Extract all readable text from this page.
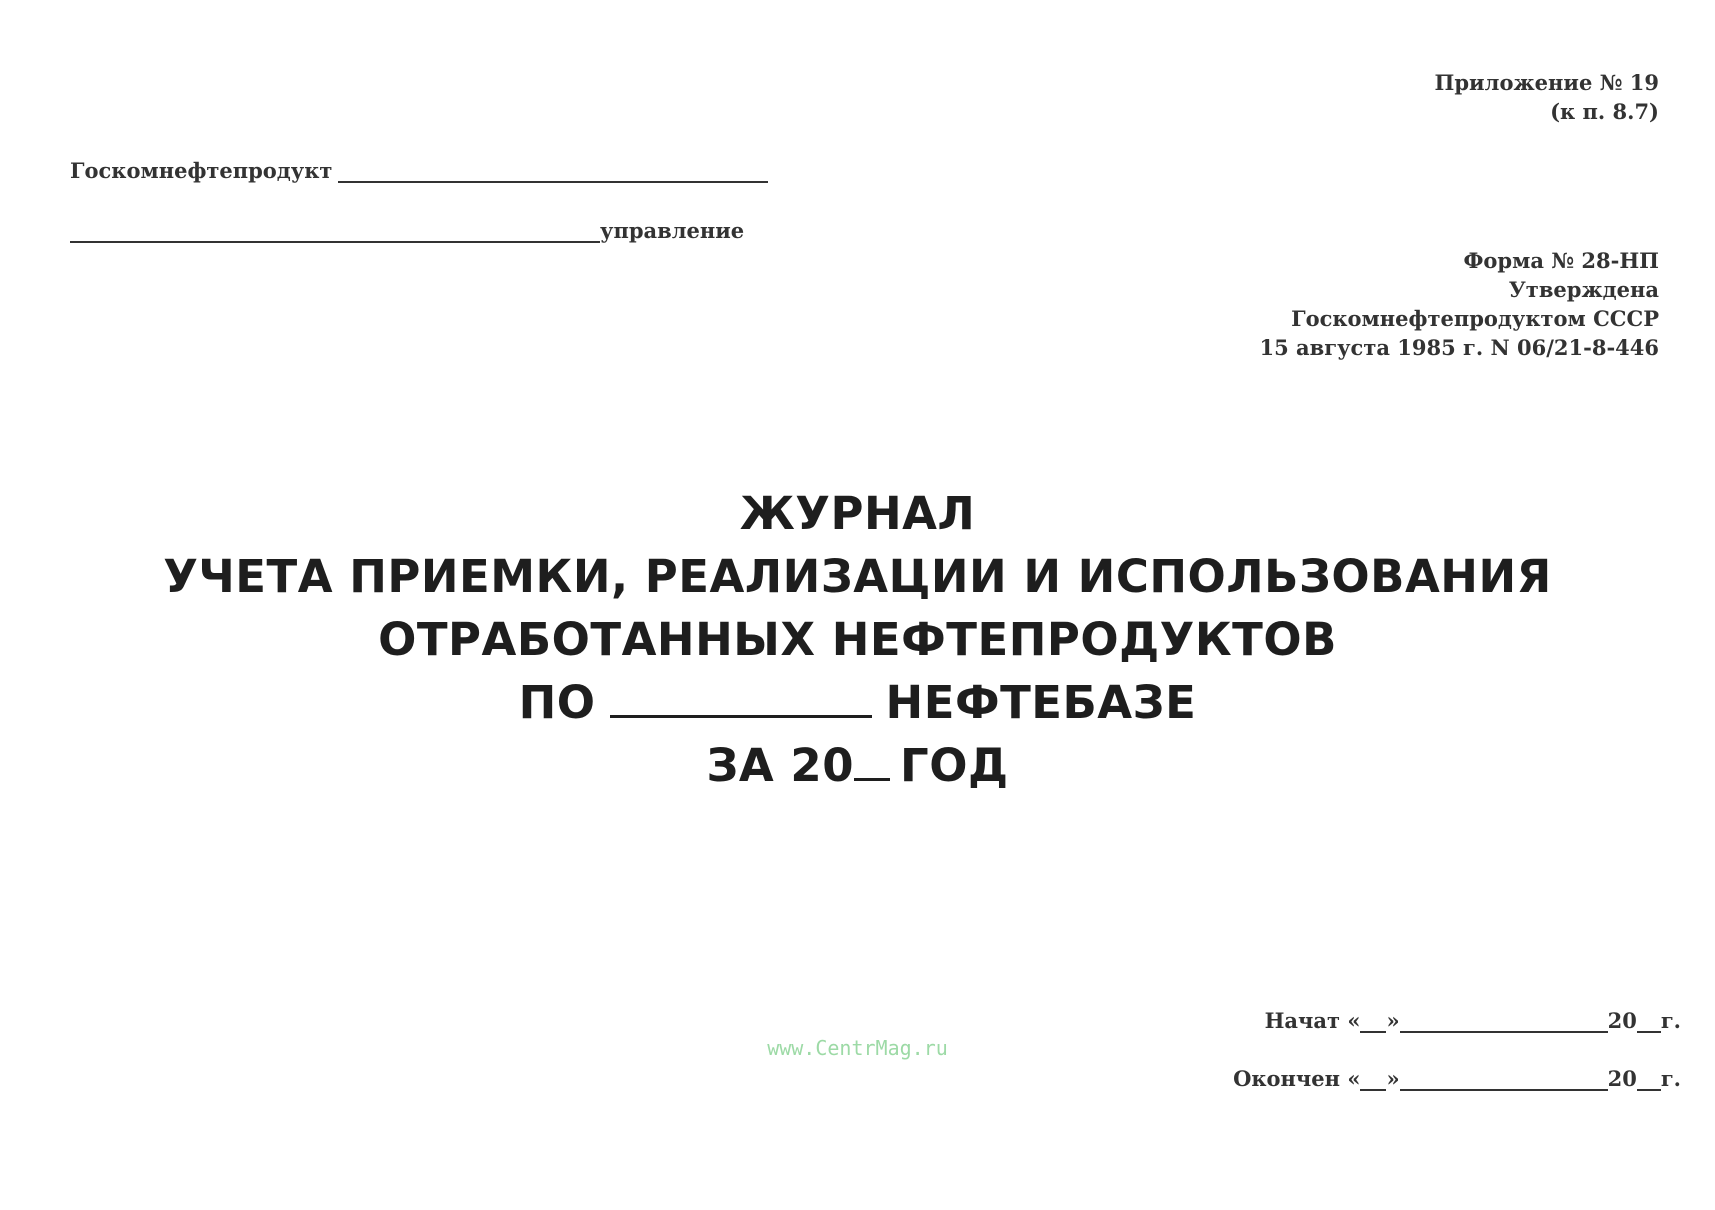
Приложение № 19
(к п. 8.7)
Госкомнефтепродукт
управление
Форма № 28-НП
Утверждена
Госкомнефтепродуктом СССР
15 августа 1985 г. N 06/21-8-446
ЖУРНАЛ
УЧЕТА ПРИЕМКИ, РЕАЛИЗАЦИИ И ИСПОЛЬЗОВАНИЯ
ОТРАБОТАННЫХ НЕФТЕПРОДУКТОВ
ПО	НЕФТЕБАЗЕ
ЗА 20 ГОД
www.CentrMag.ru
Начат « »	20 г.
Окончен « »	20 г.
